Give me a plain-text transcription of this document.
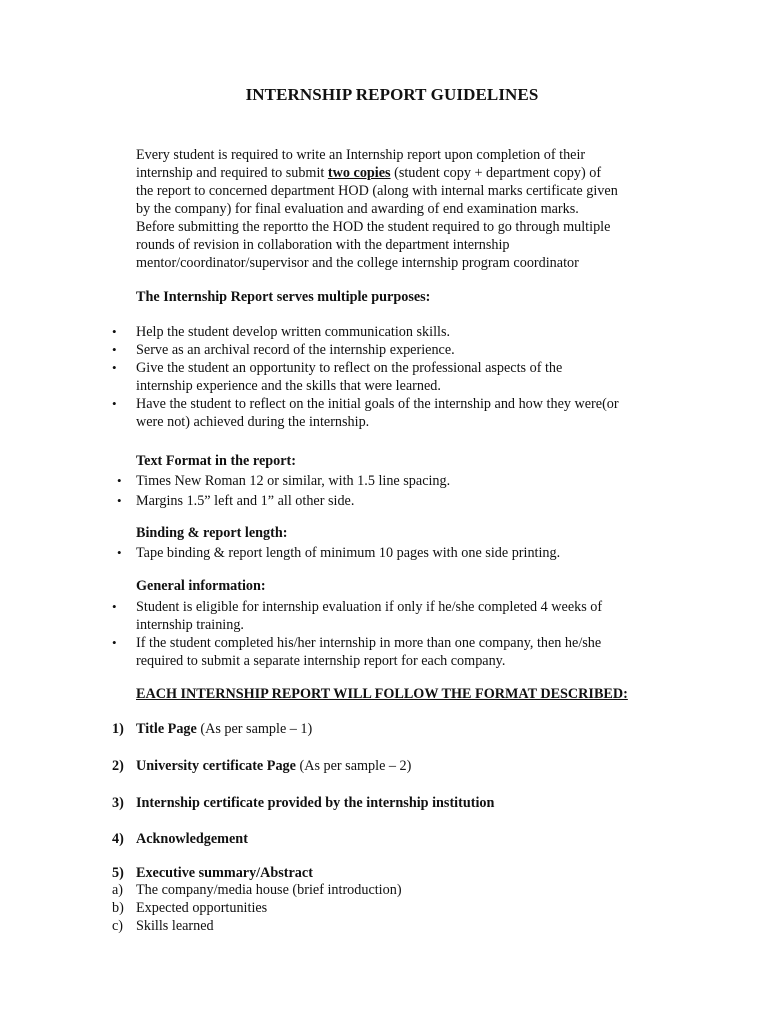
INTERNSHIP REPORT GUIDELINES
Every student is required to write an Internship report upon completion of their
internship and required to submit two copies (student copy + department copy) of
the report to concerned department HOD (along with internal marks certificate given
by the company) for final evaluation and awarding of end examination marks.
Before submitting the reportto the HOD the student required to go through multiple
rounds of revision in collaboration with the department internship
mentor/coordinator/supervisor and the college internship program coordinator
The Internship Report serves multiple purposes:
• Help the student develop written communication skills.
• Serve as an archival record of the internship experience.
• Give the student an opportunity to reflect on the professional aspects of the
internship experience and the skills that were learned.
• Have the student to reflect on the initial goals of the internship and how they were(or
were not) achieved during the internship.
Text Format in the report:
• Times New Roman 12 or similar, with 1.5 line spacing.
• Margins 1.5” left and 1” all other side.
Binding & report length:
• Tape binding & report length of minimum 10 pages with one side printing.
General information:
• Student is eligible for internship evaluation if only if he/she completed 4 weeks of
internship training.
• If the student completed his/her internship in more than one company, then he/she
required to submit a separate internship report for each company.
EACH INTERNSHIP REPORT WILL FOLLOW THE FORMAT DESCRIBED:
1) Title Page (As per sample – 1)
2) University certificate Page (As per sample – 2)
3) Internship certificate provided by the internship institution
4) Acknowledgement
5) Executive summary/Abstract
a) The company/media house (brief introduction)
b) Expected opportunities
c) Skills learned
